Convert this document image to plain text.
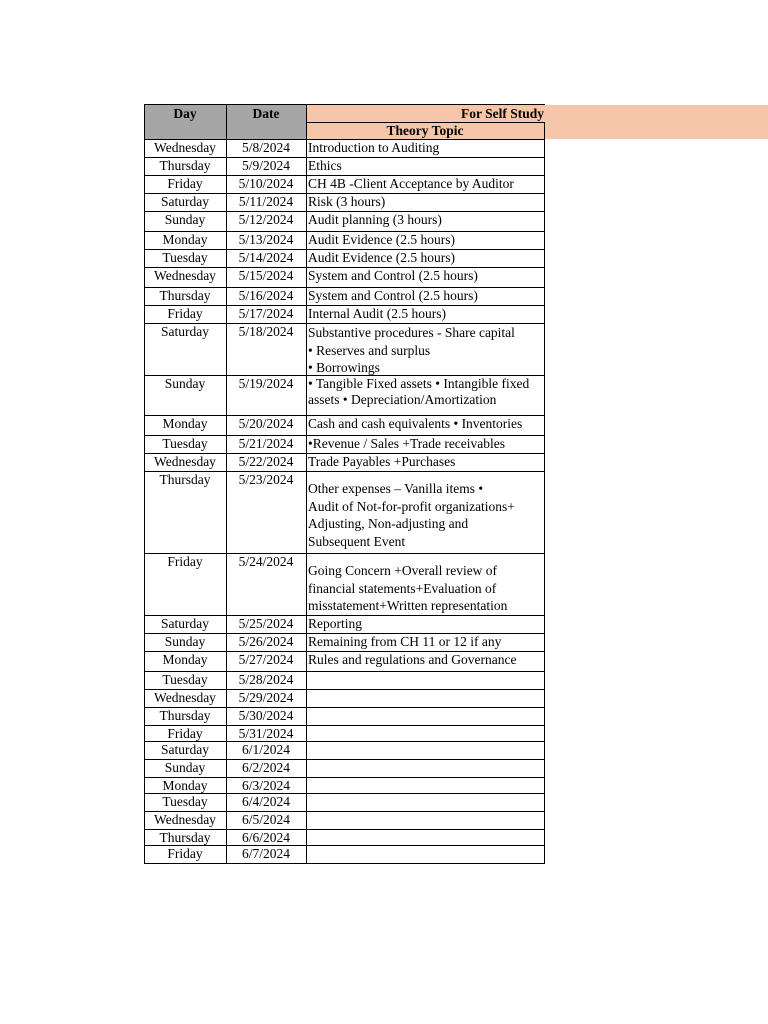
Day	Date	For Self Study
Theory Topic
Wednesday	5/8/2024	Introduction to Auditing
Thursday	5/9/2024	Ethics
Friday	5/10/2024	CH 4B -Client Acceptance by Auditor
Saturday	5/11/2024	Risk (3 hours)
Sunday	5/12/2024	Audit planning (3 hours)
Monday	5/13/2024	Audit Evidence (2.5 hours)
Tuesday	5/14/2024	Audit Evidence (2.5 hours)
Wednesday	5/15/2024	System and Control (2.5 hours)
Thursday	5/16/2024	System and Control (2.5 hours)
Friday	5/17/2024	Internal Audit (2.5 hours)
Saturday	5/18/2024	Substantive procedures - Share capital
• Reserves and surplus
• Borrowings
Sunday	5/19/2024	• Tangible Fixed assets • Intangible fixed
assets • Depreciation/Amortization
Monday	5/20/2024	Cash and cash equivalents • Inventories
Tuesday	5/21/2024	•Revenue / Sales +Trade receivables
Wednesday	5/22/2024	Trade Payables +Purchases
Thursday	5/23/2024
Other expenses – Vanilla items •
Audit of Not-for-profit organizations+
Adjusting, Non-adjusting and
Subsequent Event
Friday	5/24/2024
Going Concern +Overall review of
financial statements+Evaluation of
misstatement+Written representation
Saturday	5/25/2024	Reporting
Sunday	5/26/2024	Remaining from CH 11 or 12 if any
Monday	5/27/2024	Rules and regulations and Governance
Tuesday	5/28/2024
Wednesday	5/29/2024
Thursday	5/30/2024
Friday	5/31/2024
Saturday	6/1/2024
Sunday	6/2/2024
Monday	6/3/2024
Tuesday	6/4/2024
Wednesday	6/5/2024
Thursday	6/6/2024
Friday	6/7/2024
